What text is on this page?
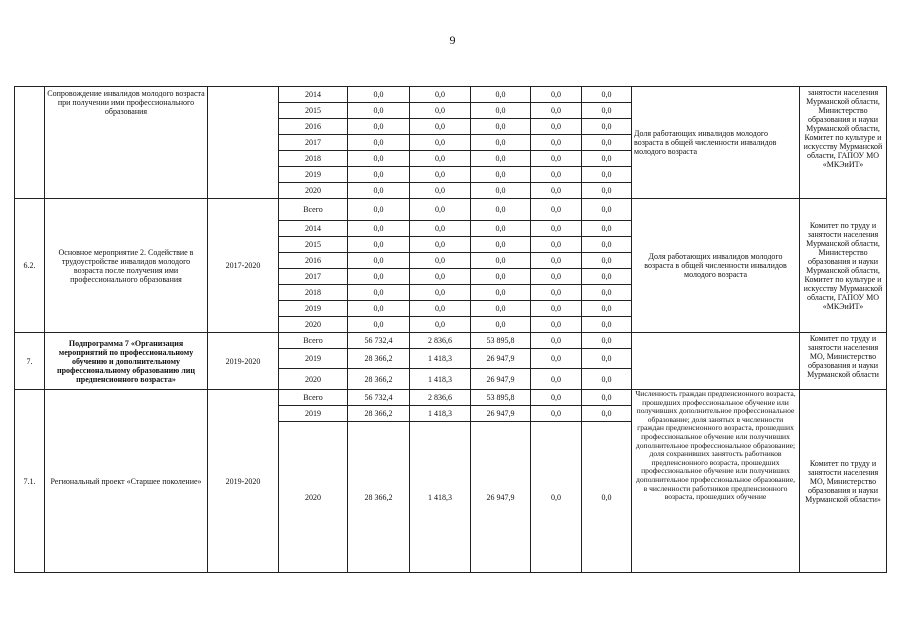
9
	Сопровождение инвалидов молодого возраста при получении ими профессионального образования		2014	0,0	0,0	0,0	0,0	0,0	Доля работающих инвалидов молодого возраста в общей численности инвалидов молодого возраста	занятости населения Мурманской области, Министерство образования и науки Мурманской области, Комитет по культуре и искусству Мурманской области, ГАПОУ МО «МКЭиИТ»
			2015	0,0	0,0	0,0	0,0	0,0		
			2016	0,0	0,0	0,0	0,0	0,0		
			2017	0,0	0,0	0,0	0,0	0,0		
			2018	0,0	0,0	0,0	0,0	0,0		
			2019	0,0	0,0	0,0	0,0	0,0		
			2020	0,0	0,0	0,0	0,0	0,0		
6.2.	Основное мероприятие 2. Содействие в трудоустройстве инвалидов молодого возраста после получения ими профессионального образования	2017-2020	Всего	0,0	0,0	0,0	0,0	0,0	Доля работающих инвалидов молодого возраста в общей численности инвалидов молодого возраста	Комитет по труду и занятости населения Мурманской области, Министерство образования и науки Мурманской области, Комитет по культуре и искусству Мурманской области, ГАПОУ МО «МКЭиИТ»
			2014	0,0	0,0	0,0	0,0	0,0		
			2015	0,0	0,0	0,0	0,0	0,0		
			2016	0,0	0,0	0,0	0,0	0,0		
			2017	0,0	0,0	0,0	0,0	0,0		
			2018	0,0	0,0	0,0	0,0	0,0		
			2019	0,0	0,0	0,0	0,0	0,0		
			2020	0,0	0,0	0,0	0,0	0,0		
7.	Подпрограмма 7 «Организация мероприятий по профессиональному обучению и дополнительному профессиональному образованию лиц предпенсионного возраста»	2019-2020	Всего	56 732,4	2 836,6	53 895,8	0,0	0,0		Комитет по труду и занятости населения МО, Министерство образования и науки Мурманской области
			2019	28 366,2	1 418,3	26 947,9	0,0	0,0		
			2020	28 366,2	1 418,3	26 947,9	0,0	0,0		
7.1.	Региональный проект «Старшее поколение»	2019-2020	Всего	56 732,4	2 836,6	53 895,8	0,0	0,0	Численность граждан предпенсионного возраста, прошедших профессиональное обучение или получивших дополнительное профессиональное образование; доля занятых в численности граждан предпенсионного возраста, прошедших профессиональное обучение или получивших дополнительное профессиональное образование; доля сохранивших занятость работников предпенсионного возраста, прошедших профессиональное обучение или получивших дополнительное профессиональное образование, в численности работников предпенсионного возраста, прошедших обучение	Комитет по труду и занятости населения МО, Министерство образования и науки Мурманской области»
			2019	28 366,2	1 418,3	26 947,9	0,0	0,0		
			2020	28 366,2	1 418,3	26 947,9	0,0	0,0		
